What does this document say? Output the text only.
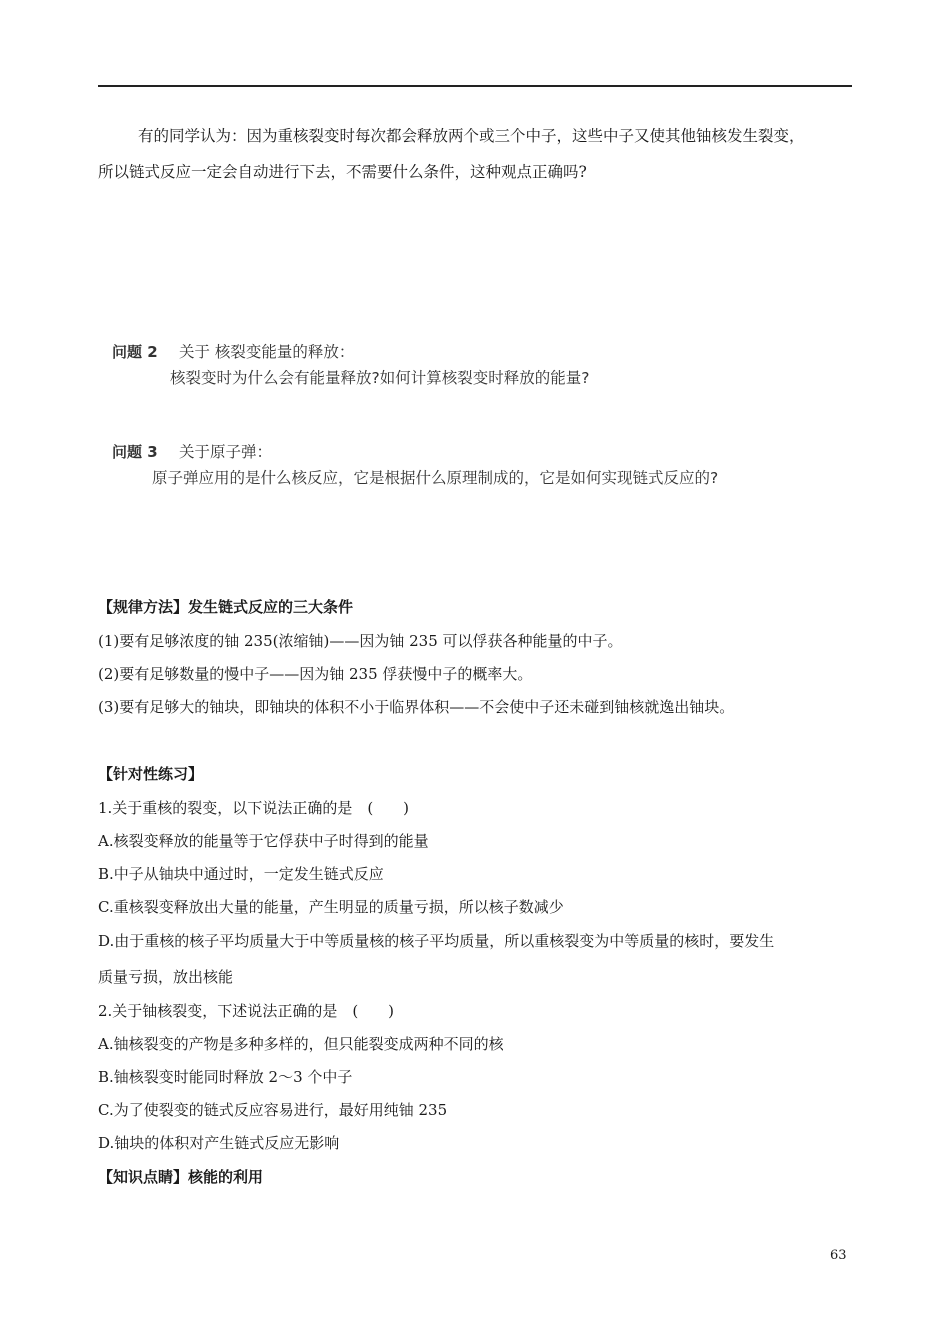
有的同学认为：因为重核裂变时每次都会释放两个或三个中子，这些中子又使其他铀核发生裂变，
所以链式反应一定会自动进行下去，不需要什么条件，这种观点正确吗?

问题 2 关于 核裂变能量的释放：
核裂变时为什么会有能量释放?如何计算核裂变时释放的能量?
问题 3 关于原子弹：
原子弹应用的是什么核反应，它是根据什么原理制成的，它是如何实现链式反应的?
【规律方法】发生链式反应的三大条件
(1)要有足够浓度的铀 235(浓缩铀)——因为铀 235 可以俘获各种能量的中子。
(2)要有足够数量的慢中子——因为铀 235 俘获慢中子的概率大。
(3)要有足够大的铀块，即铀块的体积不小于临界体积——不会使中子还未碰到铀核就逸出铀块。
【针对性练习】
1.关于重核的裂变，以下说法正确的是　(　　)
A.核裂变释放的能量等于它俘获中子时得到的能量
B.中子从铀块中通过时，一定发生链式反应
C.重核裂变释放出大量的能量，产生明显的质量亏损，所以核子数减少
D.由于重核的核子平均质量大于中等质量核的核子平均质量，所以重核裂变为中等质量的核时，要发生
质量亏损，放出核能
2.关于铀核裂变，下述说法正确的是　(　　)
A.铀核裂变的产物是多种多样的，但只能裂变成两种不同的核
B.铀核裂变时能同时释放 2～3 个中子
C.为了使裂变的链式反应容易进行，最好用纯铀 235
D.铀块的体积对产生链式反应无影响
【知识点睛】核能的利用
63
